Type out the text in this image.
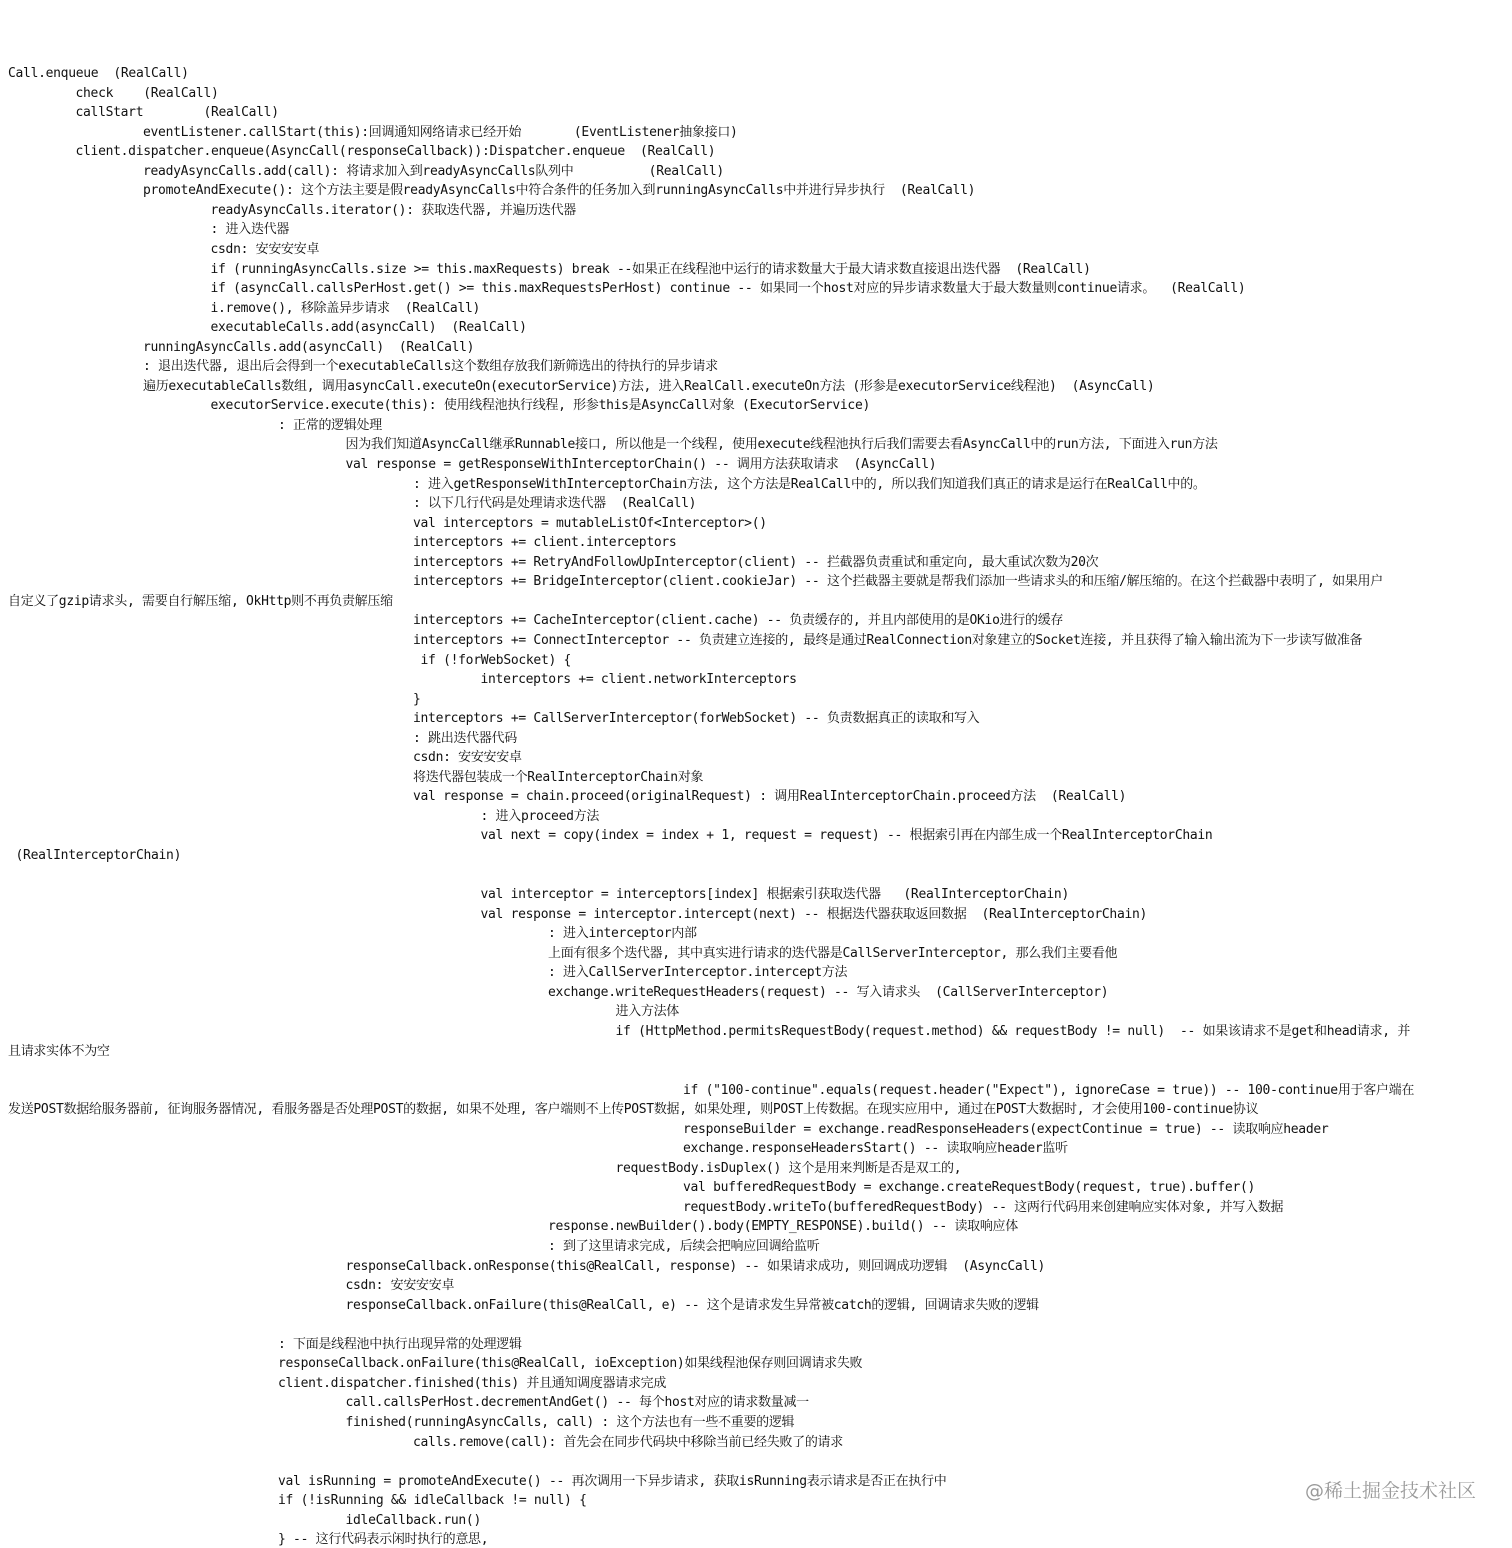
Call.enqueue  (RealCall)
check    (RealCall)
callStart        (RealCall)
eventListener.callStart(this):回调通知网络请求已经开始       (EventListener抽象接口)
client.dispatcher.enqueue(AsyncCall(responseCallback)):Dispatcher.enqueue  (RealCall)
readyAsyncCalls.add(call): 将请求加入到readyAsyncCalls队列中          (RealCall)
promoteAndExecute(): 这个方法主要是假readyAsyncCalls中符合条件的任务加入到runningAsyncCalls中并进行异步执行  (RealCall)
readyAsyncCalls.iterator(): 获取迭代器, 并遍历迭代器
: 进入迭代器
csdn: 安安安安卓
if (runningAsyncCalls.size >= this.maxRequests) break --如果正在线程池中运行的请求数量大于最大请求数直接退出迭代器  (RealCall)
if (asyncCall.callsPerHost.get() >= this.maxRequestsPerHost) continue -- 如果同一个host对应的异步请求数量大于最大数量则continue请求。  (RealCall)
i.remove(), 移除盖异步请求  (RealCall)
executableCalls.add(asyncCall)  (RealCall)
runningAsyncCalls.add(asyncCall)  (RealCall)
: 退出迭代器, 退出后会得到一个executableCalls这个数组存放我们新筛选出的待执行的异步请求
遍历executableCalls数组, 调用asyncCall.executeOn(executorService)方法, 进入RealCall.executeOn方法 (形参是executorService线程池)  (AsyncCall)
executorService.execute(this): 使用线程池执行线程, 形参this是AsyncCall对象 (ExecutorService)
: 正常的逻辑处理
因为我们知道AsyncCall继承Runnable接口, 所以他是一个线程, 使用execute线程池执行后我们需要去看AsyncCall中的run方法, 下面进入run方法
val response = getResponseWithInterceptorChain() -- 调用方法获取请求  (AsyncCall)
: 进入getResponseWithInterceptorChain方法, 这个方法是RealCall中的, 所以我们知道我们真正的请求是运行在RealCall中的。
: 以下几行代码是处理请求迭代器  (RealCall)
val interceptors = mutableListOf<Interceptor>()
interceptors += client.interceptors
interceptors += RetryAndFollowUpInterceptor(client) -- 拦截器负责重试和重定向, 最大重试次数为20次
interceptors += BridgeInterceptor(client.cookieJar) -- 这个拦截器主要就是帮我们添加一些请求头的和压缩/解压缩的。在这个拦截器中表明了, 如果用户
自定义了gzip请求头, 需要自行解压缩, OkHttp则不再负责解压缩
interceptors += CacheInterceptor(client.cache) -- 负责缓存的, 并且内部使用的是OKio进行的缓存
interceptors += ConnectInterceptor -- 负责建立连接的, 最终是通过RealConnection对象建立的Socket连接, 并且获得了输入输出流为下一步读写做准备
if (!forWebSocket) {
interceptors += client.networkInterceptors
}
interceptors += CallServerInterceptor(forWebSocket) -- 负责数据真正的读取和写入
: 跳出迭代器代码
csdn: 安安安安卓
将迭代器包装成一个RealInterceptorChain对象
val response = chain.proceed(originalRequest) : 调用RealInterceptorChain.proceed方法  (RealCall)
: 进入proceed方法
val next = copy(index = index + 1, request = request) -- 根据索引再在内部生成一个RealInterceptorChain
(RealInterceptorChain)
val interceptor = interceptors[index] 根据索引获取迭代器   (RealInterceptorChain)
val response = interceptor.intercept(next) -- 根据迭代器获取返回数据  (RealInterceptorChain)
: 进入interceptor内部
上面有很多个迭代器, 其中真实进行请求的迭代器是CallServerInterceptor, 那么我们主要看他
: 进入CallServerInterceptor.intercept方法
exchange.writeRequestHeaders(request) -- 写入请求头  (CallServerInterceptor)
进入方法体
if (HttpMethod.permitsRequestBody(request.method) && requestBody != null)  -- 如果该请求不是get和head请求, 并
且请求实体不为空
if ("100-continue".equals(request.header("Expect"), ignoreCase = true)) -- 100-continue用于客户端在
发送POST数据给服务器前, 征询服务器情况, 看服务器是否处理POST的数据, 如果不处理, 客户端则不上传POST数据, 如果处理, 则POST上传数据。在现实应用中, 通过在POST大数据时, 才会使用100-continue协议
responseBuilder = exchange.readResponseHeaders(expectContinue = true) -- 读取响应header
exchange.responseHeadersStart() -- 读取响应header监听
requestBody.isDuplex() 这个是用来判断是否是双工的,
val bufferedRequestBody = exchange.createRequestBody(request, true).buffer()
requestBody.writeTo(bufferedRequestBody) -- 这两行代码用来创建响应实体对象, 并写入数据
response.newBuilder().body(EMPTY_RESPONSE).build() -- 读取响应体
: 到了这里请求完成, 后续会把响应回调给监听
responseCallback.onResponse(this@RealCall, response) -- 如果请求成功, 则回调成功逻辑  (AsyncCall)
csdn: 安安安安卓
responseCallback.onFailure(this@RealCall, e) -- 这个是请求发生异常被catch的逻辑, 回调请求失败的逻辑
: 下面是线程池中执行出现异常的处理逻辑
responseCallback.onFailure(this@RealCall, ioException)如果线程池保存则回调请求失败
client.dispatcher.finished(this) 并且通知调度器请求完成
call.callsPerHost.decrementAndGet() -- 每个host对应的请求数量减一
finished(runningAsyncCalls, call) : 这个方法也有一些不重要的逻辑
calls.remove(call): 首先会在同步代码块中移除当前已经失败了的请求
val isRunning = promoteAndExecute() -- 再次调用一下异步请求, 获取isRunning表示请求是否正在执行中
if (!isRunning && idleCallback != null) {
idleCallback.run()
} -- 这行代码表示闲时执行的意思,
@稀土掘金技术社区
